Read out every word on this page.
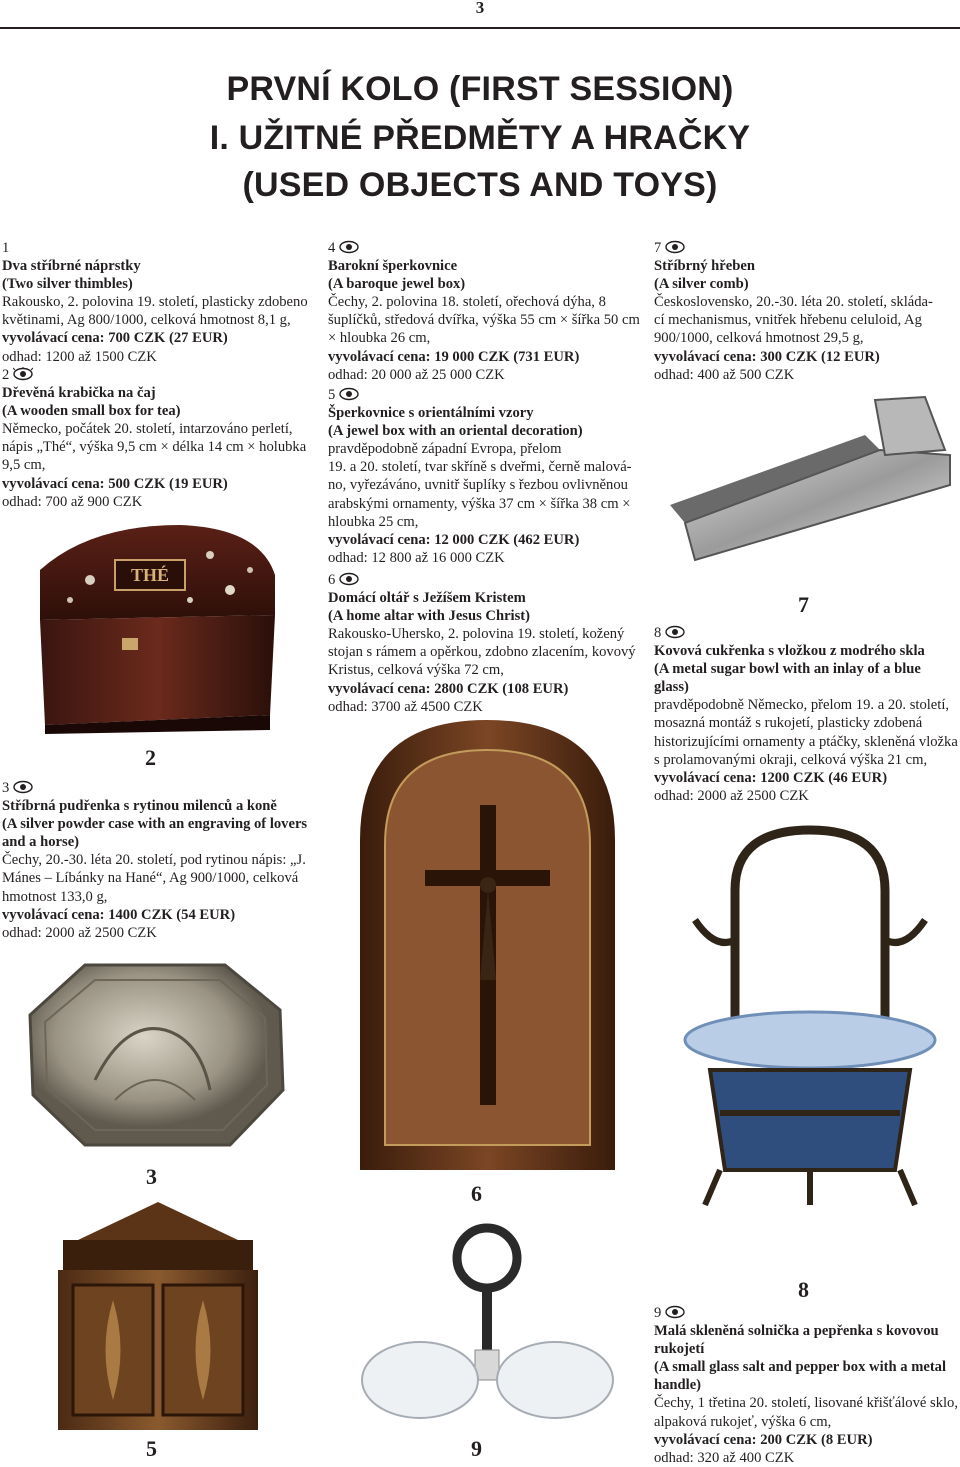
3
PRVNÍ KOLO (FIRST SESSION)
I. UŽITNÉ PŘEDMĚTY A HRAČKY
(USED OBJECTS AND TOYS)
1
Dva stříbrné náprstky
(Two silver thimbles)
Rakousko, 2. polovina 19. století, plasticky zdobeno
květinami, Ag 800/1000, celková hmotnost 8,1 g,
vyvolávací cena: 700 CZK (27 EUR)
odhad: 1200 až 1500 CZK
2
Dřevěná krabička na čaj
(A wooden small box for tea)
Německo, počátek 20. století, intarzováno perletí,
nápis „Thé“, výška 9,5 cm × délka 14 cm × holubka
9,5 cm,
vyvolávací cena: 500 CZK (19 EUR)
odhad: 700 až 900 CZK
THÉ
2
3
Stříbrná pudřenka s rytinou milenců a koně
(A silver powder case with an engraving of lovers
and a horse)
Čechy, 20.-30. léta 20. století, pod rytinou nápis: „J.
Mánes – Líbánky na Hané“, Ag 900/1000, celková
hmotnost 133,0 g,
vyvolávací cena: 1400 CZK (54 EUR)
odhad: 2000 až 2500 CZK
3
5
4
Barokní šperkovnice
(A baroque jewel box)
Čechy, 2. polovina 18. století, ořechová dýha, 8
šuplíčků, středová dvířka, výška 55 cm × šířka 50 cm
× hloubka 26 cm,
vyvolávací cena: 19 000 CZK (731 EUR)
odhad: 20 000 až 25 000 CZK
5
Šperkovnice s orientálními vzory
(A jewel box with an oriental decoration)
pravděpodobně západní Evropa, přelom
19. a 20. století, tvar skříně s dveřmi, černě malová-
no, vyřezáváno, uvnitř šuplíky s řezbou ovlivněnou
arabskými ornamenty, výška 37 cm × šířka 38 cm ×
hloubka 25 cm,
vyvolávací cena: 12 000 CZK (462 EUR)
odhad: 12 800 až 16 000 CZK
6
Domácí oltář s Ježíšem Kristem
(A home altar with Jesus Christ)
Rakousko-Uhersko, 2. polovina 19. století, kožený
stojan s rámem a opěrkou, zdobno zlacením, kovový
Kristus, celková výška 72 cm,
vyvolávací cena: 2800 CZK (108 EUR)
odhad: 3700 až 4500 CZK
6
9
7
Stříbrný hřeben
(A silver comb)
Československo, 20.-30. léta 20. století, skláda-
cí mechanismus, vnitřek hřebenu celuloid, Ag
900/1000, celková hmotnost 29,5 g,
vyvolávací cena: 300 CZK (12 EUR)
odhad: 400 až 500 CZK
7
8
Kovová cukřenka s vložkou z modrého skla
(A metal sugar bowl with an inlay of a blue glass)
pravděpodobně Německo, přelom 19. a 20. století,
mosazná montáž s rukojetí, plasticky zdobená
historizujícími ornamenty a ptáčky, skleněná vložka
s prolamovanými okraji, celková výška 21 cm,
vyvolávací cena: 1200 CZK (46 EUR)
odhad: 2000 až 2500 CZK
8
9
Malá skleněná solnička a pepřenka s kovovou
rukojetí
(A small glass salt and pepper box with a metal
handle)
Čechy, 1 třetina 20. století, lisované křišťálové sklo,
alpaková rukojeť, výška 6 cm,
vyvolávací cena: 200 CZK (8 EUR)
odhad: 320 až 400 CZK
